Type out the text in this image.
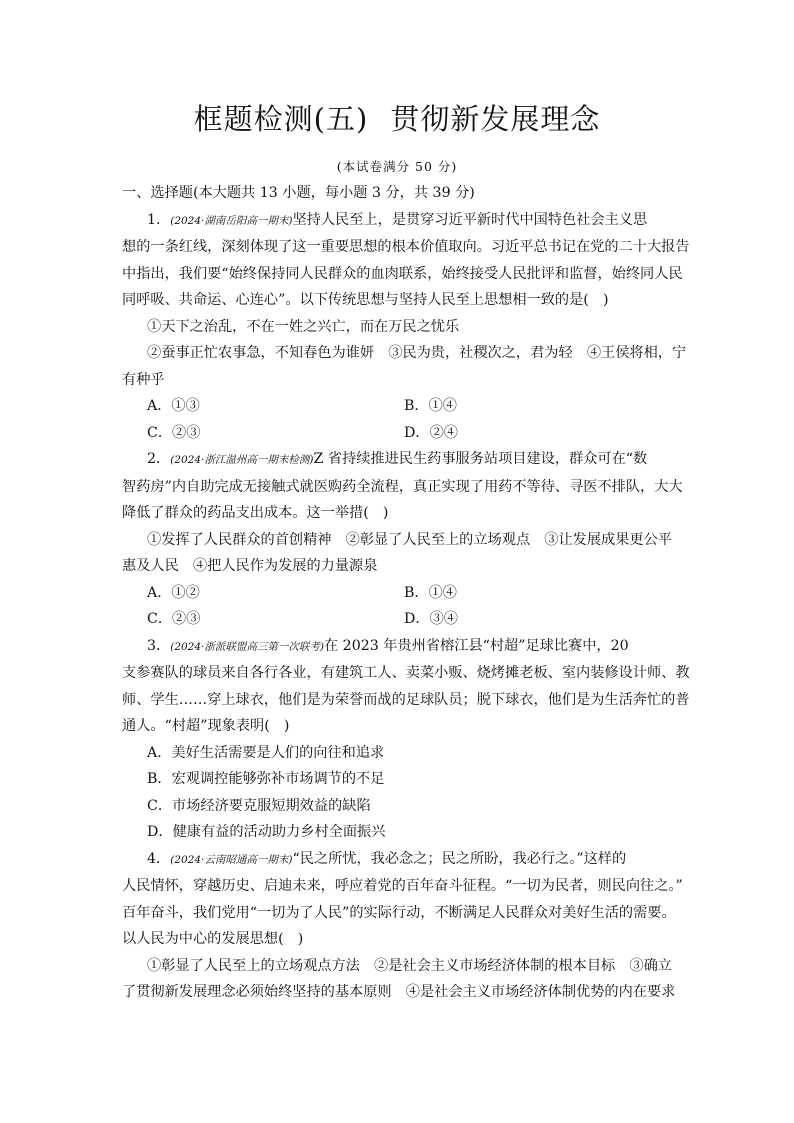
框题检测(五) 贯彻新发展理念
(本试卷满分 50 分)
一、选择题(本大题共 13 小题，每小题 3 分，共 39 分)
1．(2024·湖南岳阳高一期末)坚持人民至上，是贯穿习近平新时代中国特色社会主义思
想的一条红线，深刻体现了这一重要思想的根本价值取向。习近平总书记在党的二十大报告
中指出，我们要“始终保持同人民群众的血肉联系，始终接受人民批评和监督，始终同人民
同呼吸、共命运、心连心”。以下传统思想与坚持人民至上思想相一致的是(　)
①天下之治乱，不在一姓之兴亡，而在万民之忧乐
②蚕事正忙农事急，不知春色为谁妍　③民为贵，社稷次之，君为轻　④王侯将相，宁
有种乎
A．①③	B．①④
C．②③	D．②④
2．(2024·浙江温州高一期末检测)Z 省持续推进民生药事服务站项目建设，群众可在“数
智药房”内自助完成无接触式就医购药全流程，真正实现了用药不等待、寻医不排队，大大
降低了群众的药品支出成本。这一举措(　)
①发挥了人民群众的首创精神　②彰显了人民至上的立场观点　③让发展成果更公平
惠及人民　④把人民作为发展的力量源泉
A．①②	B．①④
C．②③	D．③④
3．(2024·浙派联盟高三第一次联考)在 2023 年贵州省榕江县“村超”足球比赛中，20
支参赛队的球员来自各行各业，有建筑工人、卖菜小贩、烧烤摊老板、室内装修设计师、教
师、学生……穿上球衣，他们是为荣誉而战的足球队员；脱下球衣，他们是为生活奔忙的普
通人。“村超”现象表明(　)
A．美好生活需要是人们的向往和追求
B．宏观调控能够弥补市场调节的不足
C．市场经济要克服短期效益的缺陷
D．健康有益的活动助力乡村全面振兴
4．(2024·云南昭通高一期末)“民之所忧，我必念之；民之所盼，我必行之。”这样的
人民情怀，穿越历史、启迪未来，呼应着党的百年奋斗征程。“一切为民者，则民向往之。”
百年奋斗，我们党用“一切为了人民”的实际行动，不断满足人民群众对美好生活的需要。
以人民为中心的发展思想(　)
①彰显了人民至上的立场观点方法　②是社会主义市场经济体制的根本目标　③确立
了贯彻新发展理念必须始终坚持的基本原则　④是社会主义市场经济体制优势的内在要求
